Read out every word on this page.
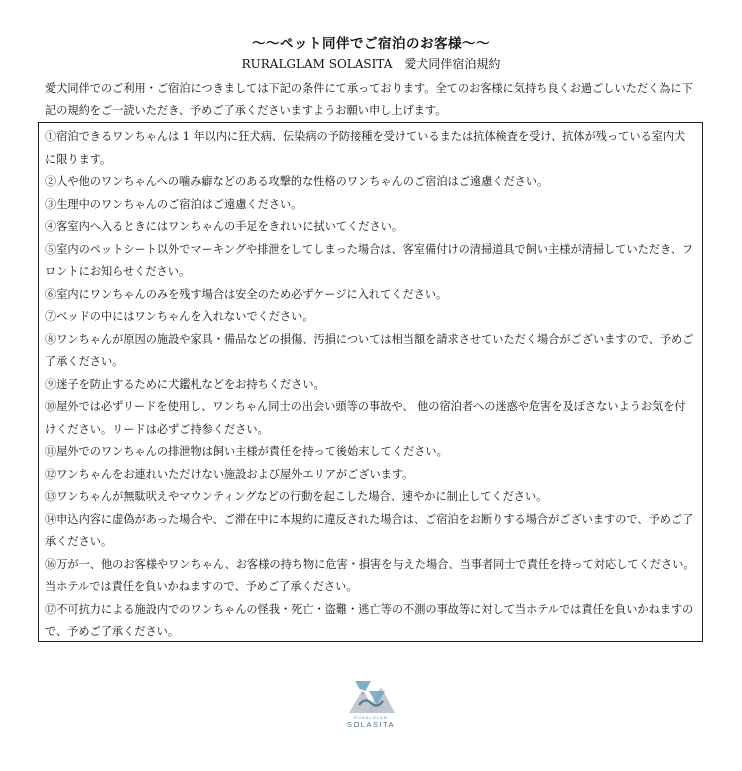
〜〜ペット同伴でご宿泊のお客様〜〜
RURALGLAM SOLASITA　愛犬同伴宿泊規約
愛犬同伴でのご利用・ご宿泊につきましては下記の条件にて承っております。全てのお客様に気持ち良くお過ごしいただく為に下
記の規約をご一読いただき、予めご了承くださいますようお願い申し上げます。

①宿泊できるワンちゃんは 1 年以内に狂犬病、伝染病の予防接種を受けているまたは抗体検査を受け、抗体が残っている室内犬

に限ります。

②人や他のワンちゃんへの噛み癖などのある攻撃的な性格のワンちゃんのご宿泊はご遠慮ください。

③生理中のワンちゃんのご宿泊はご遠慮ください。

④客室内へ入るときにはワンちゃんの手足をきれいに拭いてください。

⑤室内のペットシート以外でマーキングや排泄をしてしまった場合は、客室備付けの清掃道具で飼い主様が清掃していただき、フ

ロントにお知らせください。

⑥室内にワンちゃんのみを残す場合は安全のため必ずケージに入れてください。

⑦ベッドの中にはワンちゃんを入れないでください。

⑧ワンちゃんが原因の施設や家具・備品などの損傷、汚損については相当額を請求させていただく場合がございますので、予めご

了承ください。

⑨迷子を防止するために犬鑑札などをお持ちください。

⑩屋外では必ずリードを使用し、ワンちゃん同士の出会い頭等の事故や、 他の宿泊者への迷惑や危害を及ぼさないようお気を付

けください。リードは必ずご持参ください。

⑪屋外でのワンちゃんの排泄物は飼い主様が責任を持って後始末してください。

⑫ワンちゃんをお連れいただけない施設および屋外エリアがございます。

⑬ワンちゃんが無駄吠えやマウンティングなどの行動を起こした場合、速やかに制止してください。

⑭申込内容に虚偽があった場合や、ご滞在中に本規約に違反された場合は、ご宿泊をお断りする場合がございますので、予めご了

承ください。

⑯万が一、他のお客様やワンちゃん、お客様の持ち物に危害・損害を与えた場合、当事者同士で責任を持って対応してください。

当ホテルでは責任を負いかねますので、予めご了承ください。

⑰不可抗力による施設内でのワンちゃんの怪我・死亡・盗難・逃亡等の不測の事故等に対して当ホテルでは責任を負いかねますの

で、予めご了承ください。

RURALGLAM
SOLASITA
